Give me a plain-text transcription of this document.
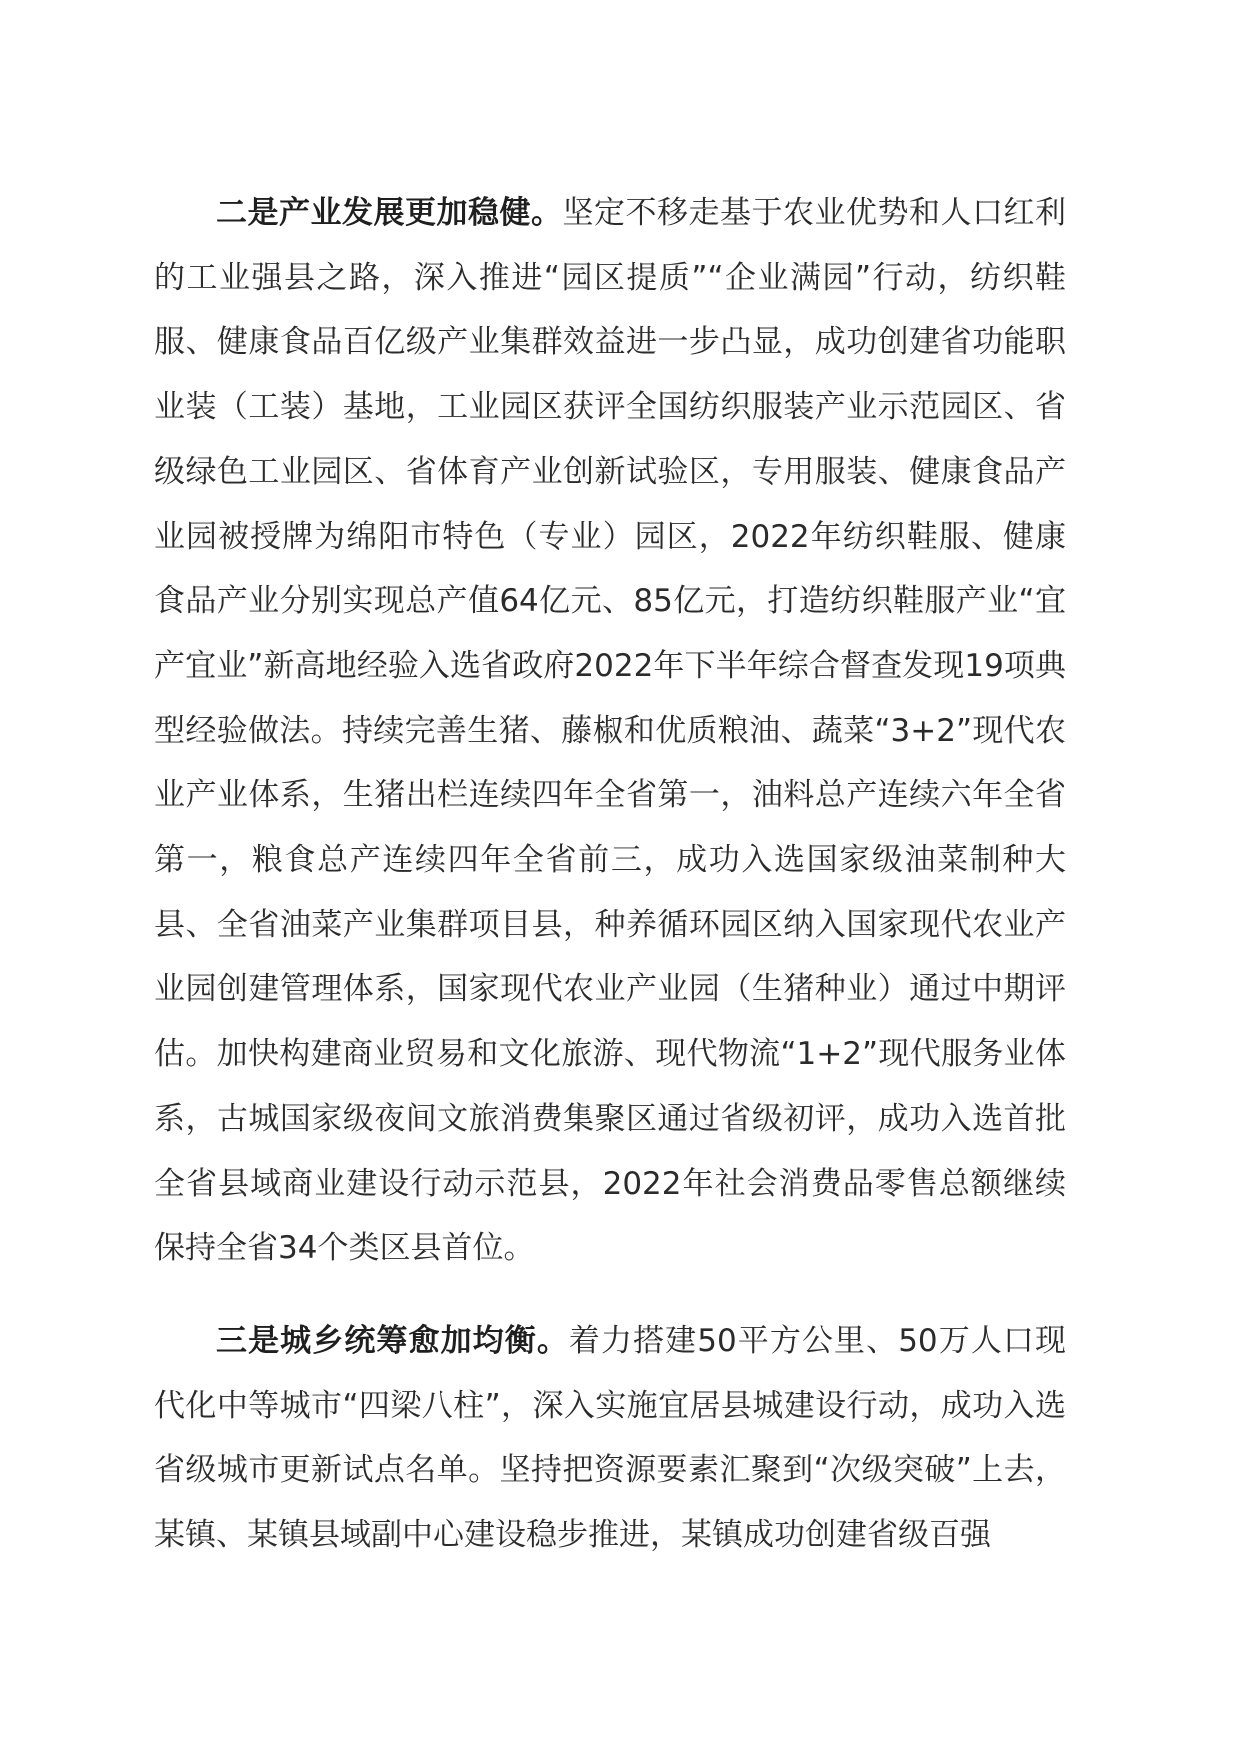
二是产业发展更加稳健。坚定不移走基于农业优势和人口红利的工业强县之路，深入推进“园区提质”“企业满园”行动，纺织鞋服、健康食品百亿级产业集群效益进一步凸显，成功创建省功能职业装（工装）基地，工业园区获评全国纺织服装产业示范园区、省级绿色工业园区、省体育产业创新试验区，专用服装、健康食品产业园被授牌为绵阳市特色（专业）园区，2022年纺织鞋服、健康食品产业分别实现总产值64亿元、85亿元，打造纺织鞋服产业“宜产宜业”新高地经验入选省政府2022年下半年综合督查发现19项典型经验做法。持续完善生猪、藤椒和优质粮油、蔬菜“3+2”现代农业产业体系，生猪出栏连续四年全省第一，油料总产连续六年全省第一，粮食总产连续四年全省前三，成功入选国家级油菜制种大县、全省油菜产业集群项目县，种养循环园区纳入国家现代农业产业园创建管理体系，国家现代农业产业园（生猪种业）通过中期评估。加快构建商业贸易和文化旅游、现代物流“1+2”现代服务业体系，古城国家级夜间文旅消费集聚区通过省级初评，成功入选首批全省县域商业建设行动示范县，2022年社会消费品零售总额继续保持全省34个类区县首位。

三是城乡统筹愈加均衡。着力搭建50平方公里、50万人口现代化中等城市“四梁八柱”，深入实施宜居县城建设行动，成功入选省级城市更新试点名单。坚持把资源要素汇聚到“次级突破”上去，某镇、某镇县域副中心建设稳步推进，某镇成功创建省级百强
